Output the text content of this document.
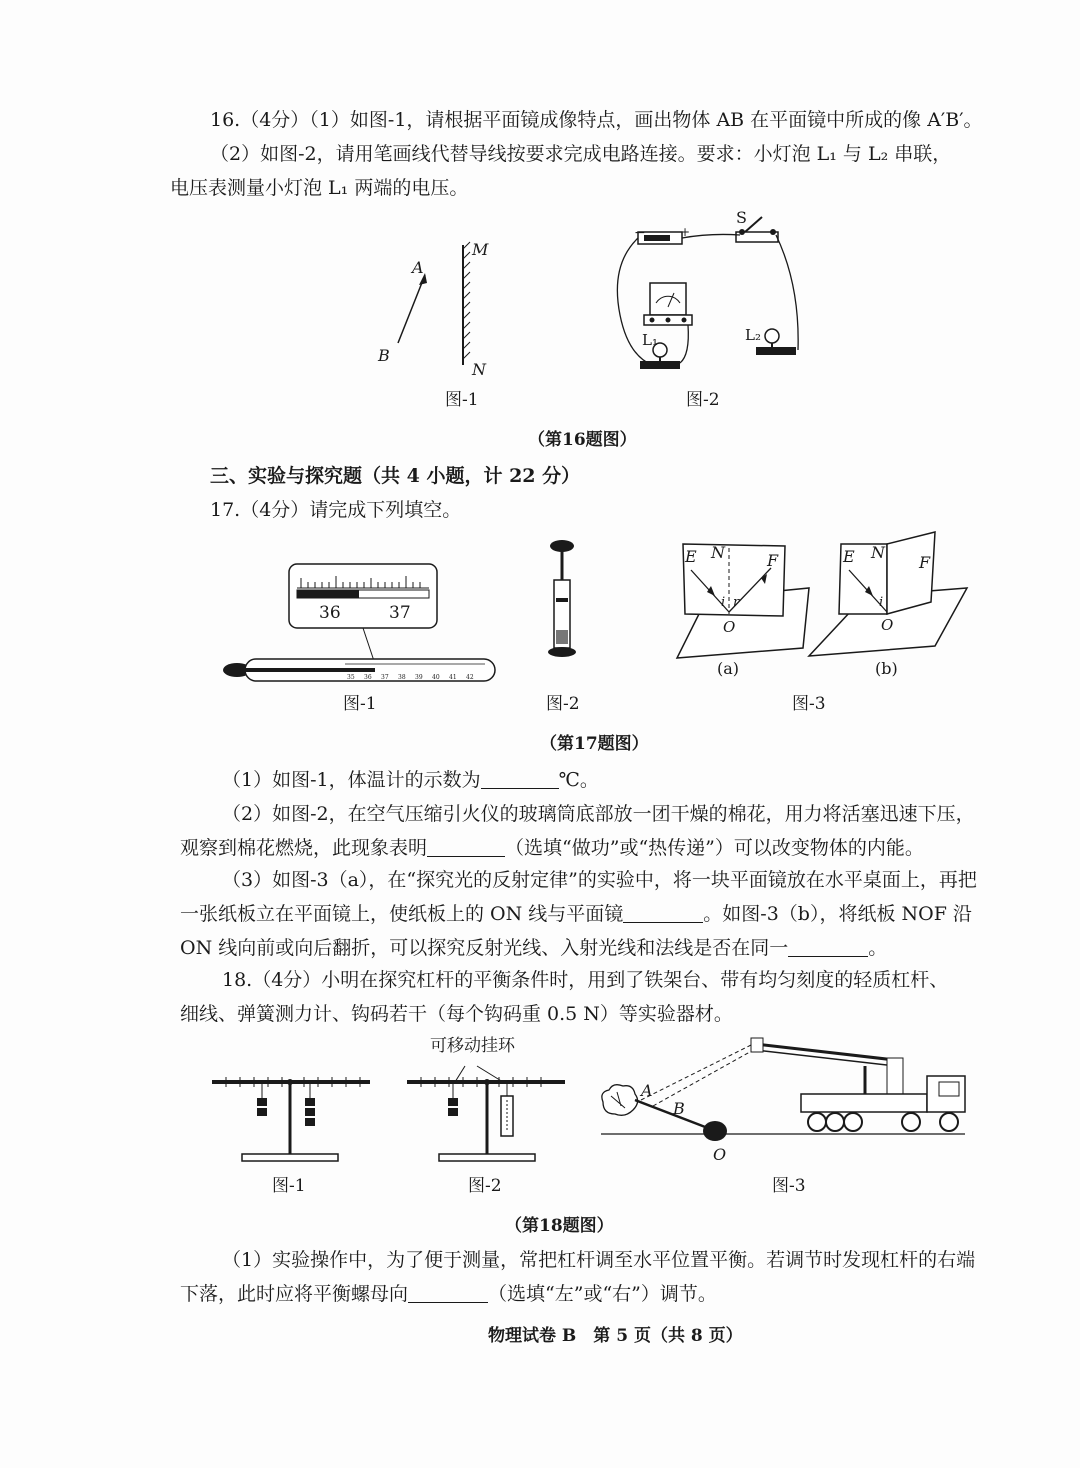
16.（4分）（1）如图-1，请根据平面镜成像特点，画出物体 AB 在平面镜中所成的像 A′B′。
（2）如图-2，请用笔画线代替导线按要求完成电路连接。要求：小灯泡 L₁ 与 L₂ 串联，
电压表测量小灯泡 L₁ 两端的电压。
A
B
M
N
图-1
−	+
S
L₁	L₂
图-2
（第16题图）
三、实验与探究题（共 4 小题，计 22 分）
17.（4分）请完成下列填空。
36	37
35 36 37 38 39 40 41 42
图-1	图-2
E N	F
i r
O
(a)
E N
F
i
O
(b)
图-3
（第17题图）
（1）如图-1，体温计的示数为	℃。
（2）如图-2，在空气压缩引火仪的玻璃筒底部放一团干燥的棉花，用力将活塞迅速下压，
观察到棉花燃烧，此现象表明	（选填“做功”或“热传递”）可以改变物体的内能。
（3）如图-3（a），在“探究光的反射定律”的实验中，将一块平面镜放在水平桌面上，再把
一张纸板立在平面镜上，使纸板上的 ON 线与平面镜	。如图-3（b），将纸板 NOF 沿
ON 线向前或向后翻折，可以探究反射光线、入射光线和法线是否在同一	。
18.（4分）小明在探究杠杆的平衡条件时，用到了铁架台、带有均匀刻度的轻质杠杆、
细线、弹簧测力计、钩码若干（每个钩码重 0.5 N）等实验器材。
可移动挂环
图-1	图-2
A
B
O
图-3
（第18题图）
（1）实验操作中，为了便于测量，常把杠杆调至水平位置平衡。若调节时发现杠杆的右端
下落，此时应将平衡螺母向	（选填“左”或“右”）调节。
物理试卷 B　第 5 页（共 8 页）
